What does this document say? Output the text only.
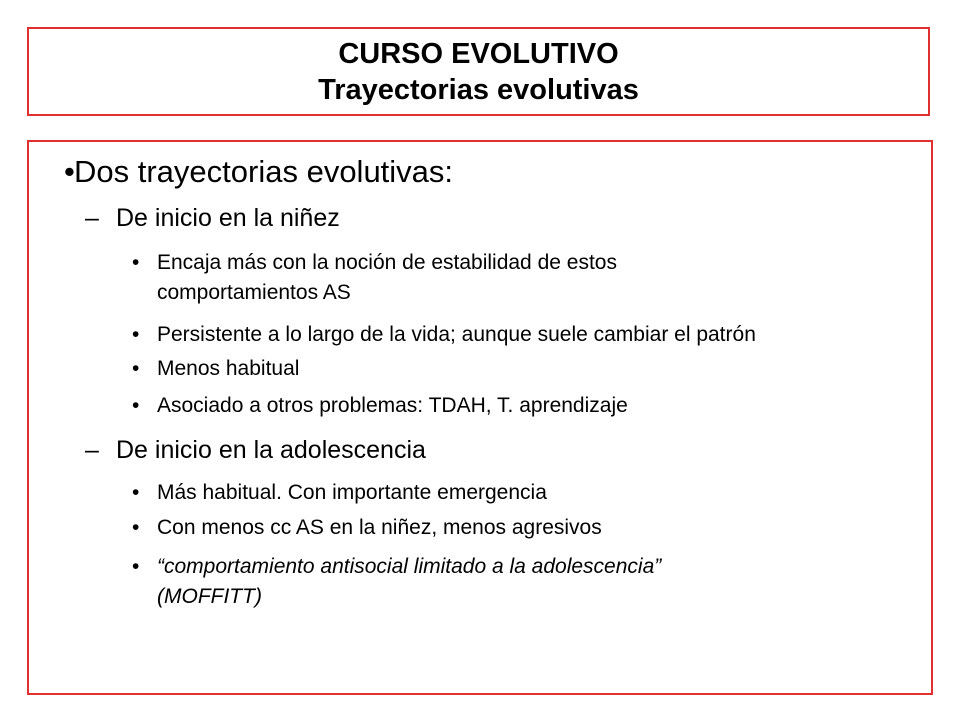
CURSO EVOLUTIVO
Trayectorias evolutivas
• Dos trayectorias evolutivas:
– De inicio en la niñez
• Encaja más con la noción de estabilidad de estos
comportamientos AS
• Persistente a lo largo de la vida; aunque suele cambiar el patrón
• Menos habitual
• Asociado a otros problemas: TDAH, T. aprendizaje
– De inicio en la adolescencia
• Más habitual. Con importante emergencia
• Con menos cc AS en la niñez, menos agresivos
• “comportamiento antisocial limitado a la adolescencia”
(MOFFITT)
